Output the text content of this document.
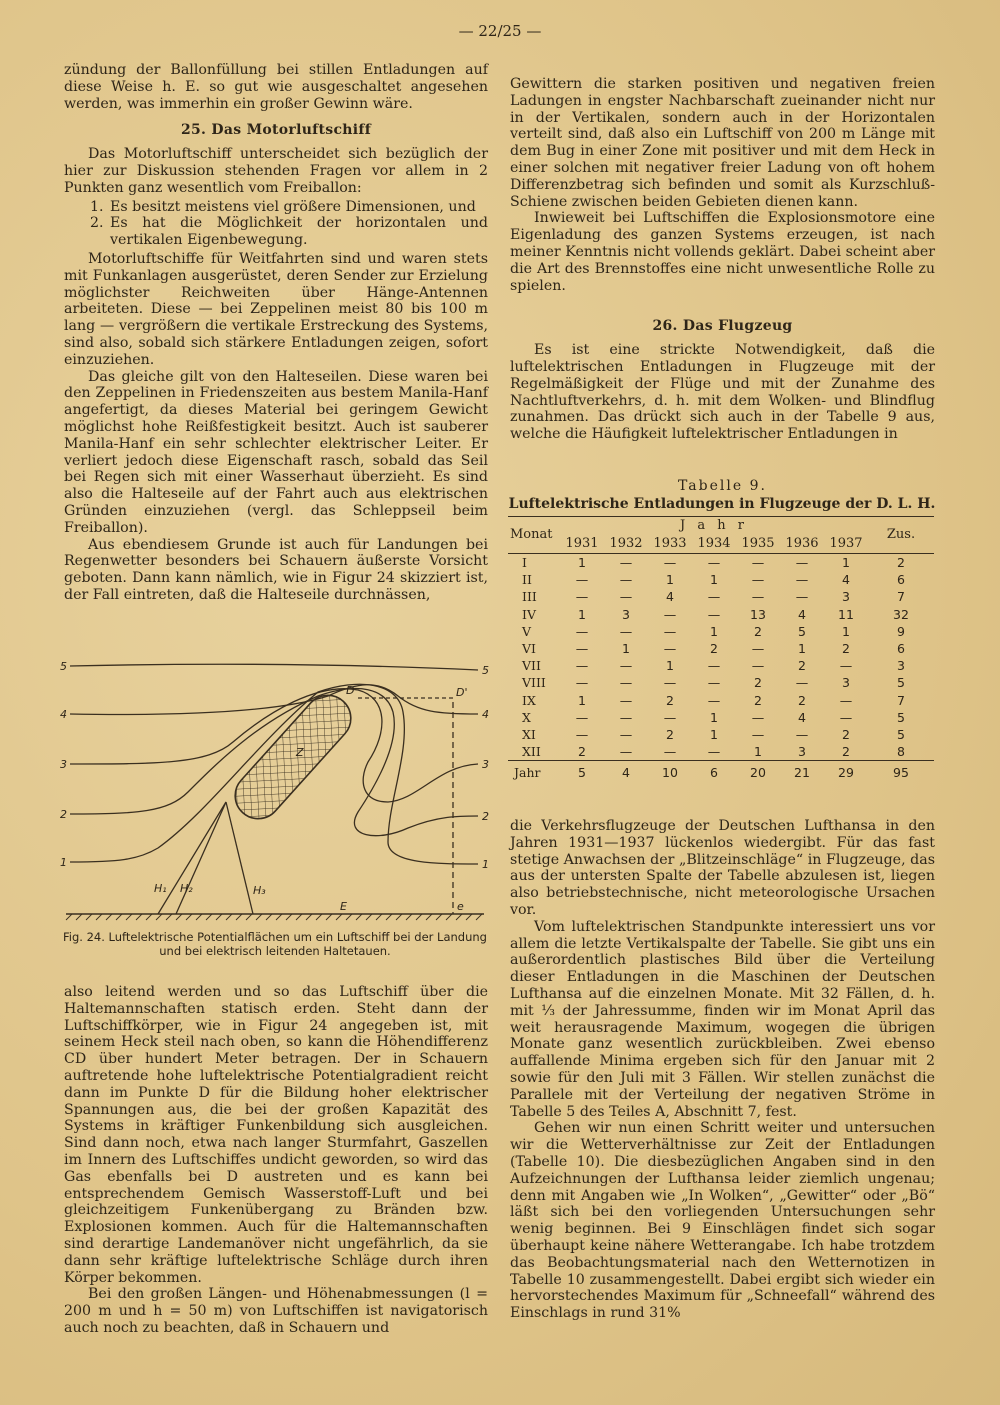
— 22/25 —

zündung der Ballonfüllung bei stillen Entladungen auf diese Weise h. E. so gut wie ausgeschaltet angesehen werden, was immerhin ein großer Gewinn wäre.

25. Das Motorluftschiff

Das Motorluftschiff unterscheidet sich bezüglich der hier zur Diskussion stehenden Fragen vor allem in 2 Punkten ganz wesentlich vom Freiballon:

1. Es besitzt meistens viel größere Dimensionen, und
2. Es hat die Möglichkeit der horizontalen und vertikalen Eigenbewegung.

Motorluftschiffe für Weitfahrten sind und waren stets mit Funkanlagen ausgerüstet, deren Sender zur Erzielung möglichster Reichweiten über Hänge-Antennen arbeiteten. Diese — bei Zeppelinen meist 80 bis 100 m lang — vergrößern die vertikale Erstreckung des Systems, sind also, sobald sich stärkere Entladungen zeigen, sofort einzuziehen.

Das gleiche gilt von den Halteseilen. Diese waren bei den Zeppelinen in Friedenszeiten aus bestem Manila-Hanf angefertigt, da dieses Material bei geringem Gewicht möglichst hohe Reißfestigkeit besitzt. Auch ist sauberer Manila-Hanf ein sehr schlechter elektrischer Leiter. Er verliert jedoch diese Eigenschaft rasch, sobald das Seil bei Regen sich mit einer Wasserhaut überzieht. Es sind also die Halteseile auf der Fahrt auch aus elektrischen Gründen einzuziehen (vergl. das Schleppseil beim Freiballon).

Aus ebendiesem Grunde ist auch für Landungen bei Regenwetter besonders bei Schauern äußerste Vorsicht geboten. Dann kann nämlich, wie in Figur 24 skizziert ist, der Fall eintreten, daß die Halteseile durchnässen,

5	5
4	4
3	3
2	2
1	1
D	D'
Z
H₁ H₂	H₃
E	e
Fig. 24. Luftelektrische Potentialflächen um ein Luftschiff bei der Landung und bei elektrisch leitenden Haltetauen.

also leitend werden und so das Luftschiff über die Haltemannschaften statisch erden. Steht dann der Luftschiffkörper, wie in Figur 24 angegeben ist, mit seinem Heck steil nach oben, so kann die Höhendifferenz CD über hundert Meter betragen. Der in Schauern auftretende hohe luftelektrische Potentialgradient reicht dann im Punkte D für die Bildung hoher elektrischer Spannungen aus, die bei der großen Kapazität des Systems in kräftiger Funkenbildung sich ausgleichen. Sind dann noch, etwa nach langer Sturmfahrt, Gaszellen im Innern des Luftschiffes undicht geworden, so wird das Gas ebenfalls bei D austreten und es kann bei entsprechendem Gemisch Wasserstoff-Luft und bei gleichzeitigem Funkenübergang zu Bränden bzw. Explosionen kommen. Auch für die Haltemannschaften sind derartige Landemanöver nicht ungefährlich, da sie dann sehr kräftige luftelektrische Schläge durch ihren Körper bekommen.

Bei den großen Längen- und Höhenabmessungen (l = 200 m und h = 50 m) von Luftschiffen ist navigatorisch auch noch zu beachten, daß in Schauern und

Gewittern die starken positiven und negativen freien Ladungen in engster Nachbarschaft zueinander nicht nur in der Vertikalen, sondern auch in der Horizontalen verteilt sind, daß also ein Luftschiff von 200 m Länge mit dem Bug in einer Zone mit positiver und mit dem Heck in einer solchen mit negativer freier Ladung von oft hohem Differenzbetrag sich befinden und somit als Kurzschluß-Schiene zwischen beiden Gebieten dienen kann.

Inwieweit bei Luftschiffen die Explosionsmotore eine Eigenladung des ganzen Systems erzeugen, ist nach meiner Kenntnis nicht vollends geklärt. Dabei scheint aber die Art des Brennstoffes eine nicht unwesentliche Rolle zu spielen.

26. Das Flugzeug

Es ist eine strickte Notwendigkeit, daß die luftelektrischen Entladungen in Flugzeuge mit der Regelmäßigkeit der Flüge und mit der Zunahme des Nachtluftverkehrs, d. h. mit dem Wolken- und Blindflug zunahmen. Das drückt sich auch in der Tabelle 9 aus, welche die Häufigkeit luftelektrischer Entladungen in

Tabelle 9.
Luftelektrische Entladungen in Flugzeuge der D. L. H.
Monat	J a h r							Zus.
	1931	1932	1933	1934	1935	1936	1937	
I	1	—	—	—	—	—	1	2
II	—	—	1	1	—	—	4	6
III	—	—	4	—	—	—	3	7
IV	1	3	—	—	13	4	11	32
V	—	—	—	1	2	5	1	9
VI	—	1	—	2	—	1	2	6
VII	—	—	1	—	—	2	—	3
VIII	—	—	—	—	2	—	3	5
IX	1	—	2	—	2	2	—	7
X	—	—	—	1	—	4	—	5
XI	—	—	2	1	—	—	2	5
XII	2	—	—	—	1	3	2	8
Jahr	5	4	10	6	20	21	29	95

die Verkehrsflugzeuge der Deutschen Lufthansa in den Jahren 1931—1937 lückenlos wiedergibt. Für das fast stetige Anwachsen der „Blitzeinschläge“ in Flugzeuge, das aus der untersten Spalte der Tabelle abzulesen ist, liegen also betriebstechnische, nicht meteorologische Ursachen vor.

Vom luftelektrischen Standpunkte interessiert uns vor allem die letzte Vertikalspalte der Tabelle. Sie gibt uns ein außerordentlich plastisches Bild über die Verteilung dieser Entladungen in die Maschinen der Deutschen Lufthansa auf die einzelnen Monate. Mit 32 Fällen, d. h. mit ⅓ der Jahressumme, finden wir im Monat April das weit herausragende Maximum, wogegen die übrigen Monate ganz wesentlich zurückbleiben. Zwei ebenso auffallende Minima ergeben sich für den Januar mit 2 sowie für den Juli mit 3 Fällen. Wir stellen zunächst die Parallele mit der Verteilung der negativen Ströme in Tabelle 5 des Teiles A, Abschnitt 7, fest.

Gehen wir nun einen Schritt weiter und untersuchen wir die Wetterverhältnisse zur Zeit der Entladungen (Tabelle 10). Die diesbezüglichen Angaben sind in den Aufzeichnungen der Lufthansa leider ziemlich ungenau; denn mit Angaben wie „In Wolken“, „Gewitter“ oder „Bö“ läßt sich bei den vorliegenden Untersuchungen sehr wenig beginnen. Bei 9 Einschlägen findet sich sogar überhaupt keine nähere Wetterangabe. Ich habe trotzdem das Beobachtungsmaterial nach den Wetternotizen in Tabelle 10 zusammengestellt. Dabei ergibt sich wieder ein hervorstechendes Maximum für „Schneefall“ während des Einschlags in rund 31%
